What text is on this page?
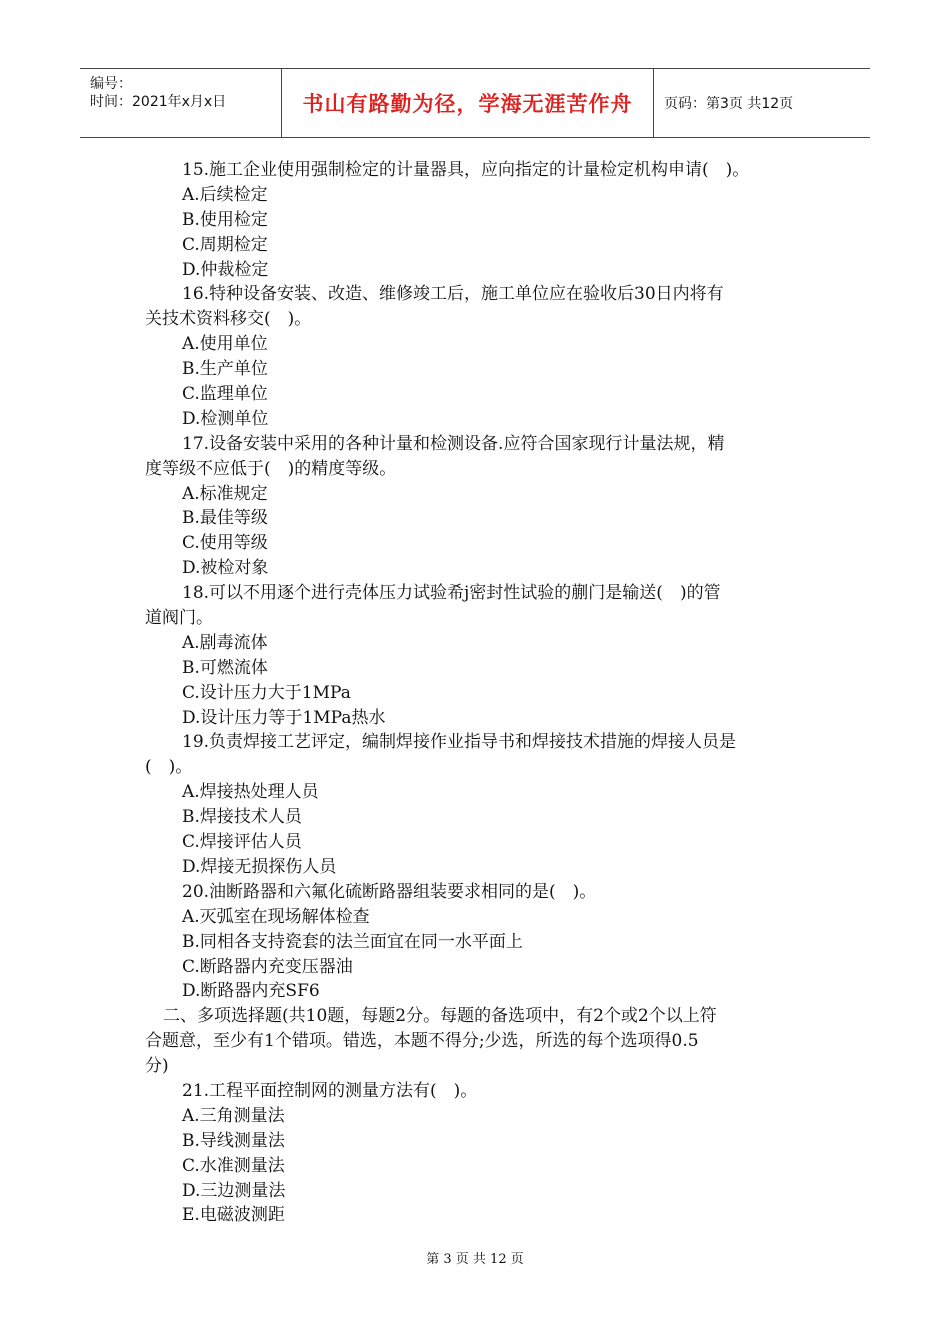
编号：
时间：2021年x月x日	书山有路勤为径，学海无涯苦作舟	页码：第3页 共12页
15.施工企业使用强制检定的计量器具，应向指定的计量检定机构申请(　)。
A.后续检定
B.使用检定
C.周期检定
D.仲裁检定
16.特种设备安装、改造、维修竣工后，施工单位应在验收后30日内将有
关技术资料移交(　)。
A.使用单位
B.生产单位
C.监理单位
D.检测单位
17.设备安装中采用的各种计量和检测设备.应符合国家现行计量法规，精
度等级不应低于(　)的精度等级。
A.标准规定
B.最佳等级
C.使用等级
D.被检对象
18.可以不用逐个进行壳体压力试验希j密封性试验的蒯门是输送(　)的管
道阀门。
A.剧毒流体
B.可燃流体
C.设计压力大于1MPa
D.设计压力等于1MPa热水
19.负责焊接工艺评定，编制焊接作业指导书和焊接技术措施的焊接人员是
(　)。
A.焊接热处理人员
B.焊接技术人员
C.焊接评估人员
D.焊接无损探伤人员
20.油断路器和六氟化硫断路器组装要求相同的是(　)。
A.灭弧室在现场解体检查
B.同相各支持瓷套的法兰面宜在同一水平面上
C.断路器内充变压器油
D.断路器内充SF6
二、多项选择题(共10题，每题2分。每题的备选项中，有2个或2个以上符
合题意，至少有1个错项。错选，本题不得分;少选，所选的每个选项得0.5
分)
21.工程平面控制网的测量方法有(　)。
A.三角测量法
B.导线测量法
C.水准测量法
D.三边测量法
E.电磁波测距
第 3 页 共 12 页
